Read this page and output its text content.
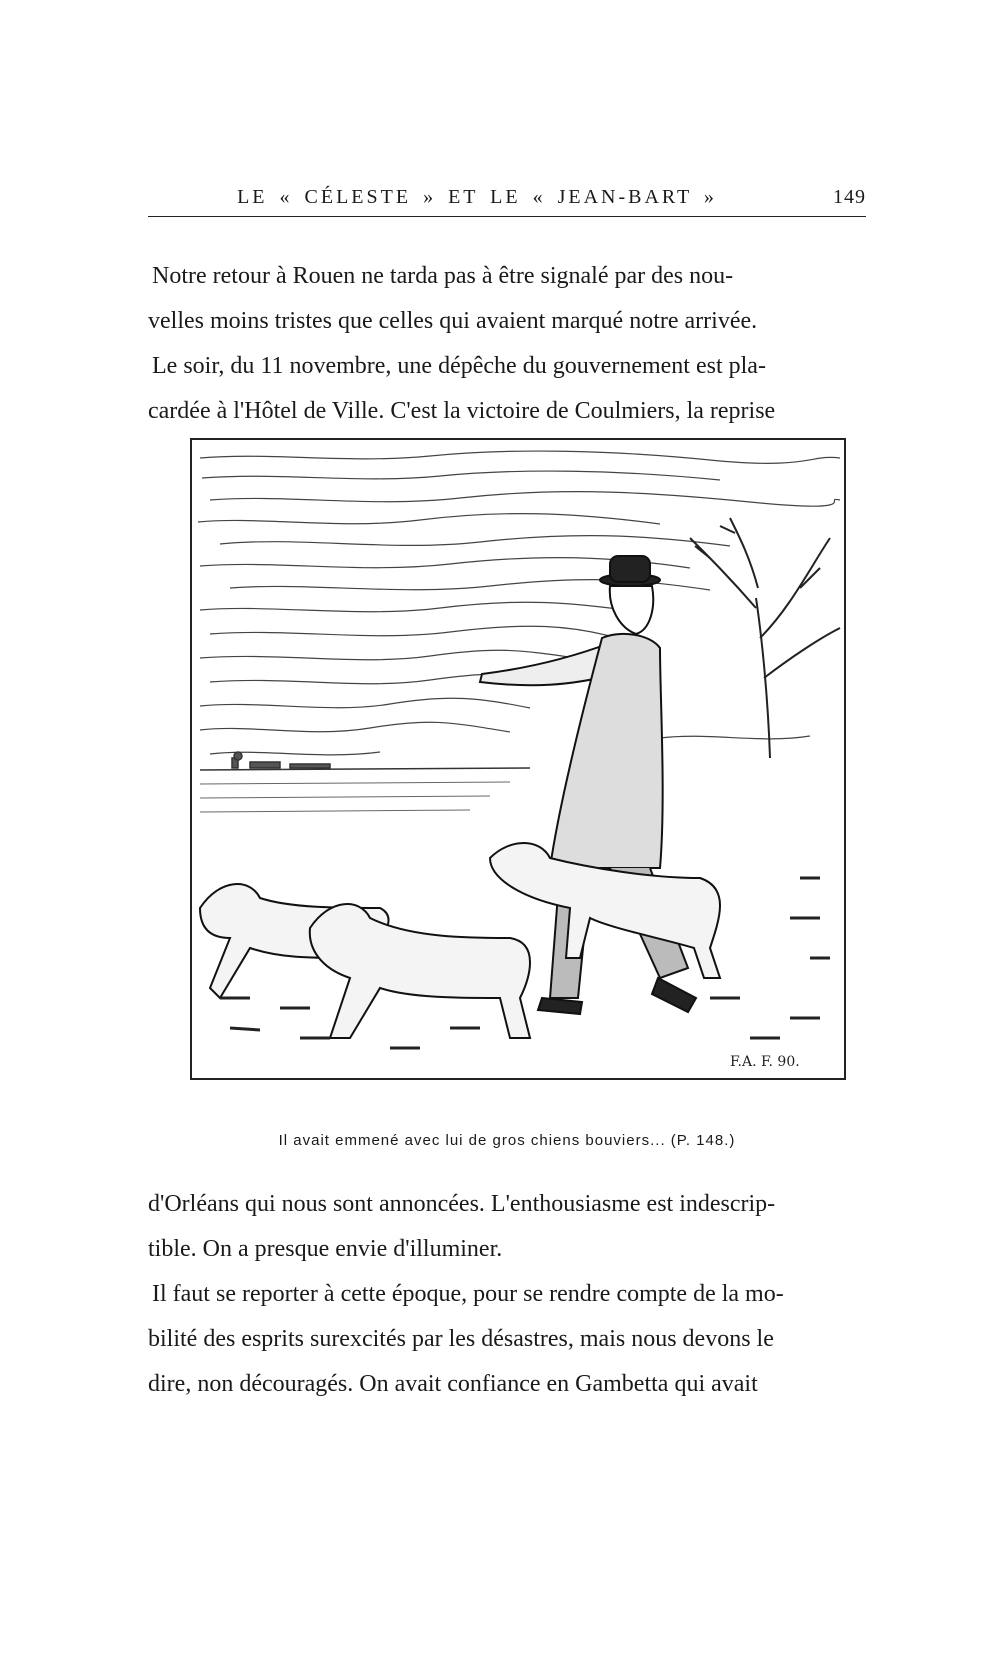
LE « CÉLESTE » ET LE « JEAN-BART »	149

Notre retour à Rouen ne tarda pas à être signalé par des nou-

velles moins tristes que celles qui avaient marqué notre arrivée.

Le soir, du 11 novembre, une dépêche du gouvernement est pla-

cardée à l'Hôtel de Ville. C'est la victoire de Coulmiers, la reprise

F.A. F. 90.
Il avait emmené avec lui de gros chiens bouviers... (P. 148.)

d'Orléans qui nous sont annoncées. L'enthousiasme est indescrip-

tible. On a presque envie d'illuminer.

Il faut se reporter à cette époque, pour se rendre compte de la mo-

bilité des esprits surexcités par les désastres, mais nous devons le

dire, non découragés. On avait confiance en Gambetta qui avait
